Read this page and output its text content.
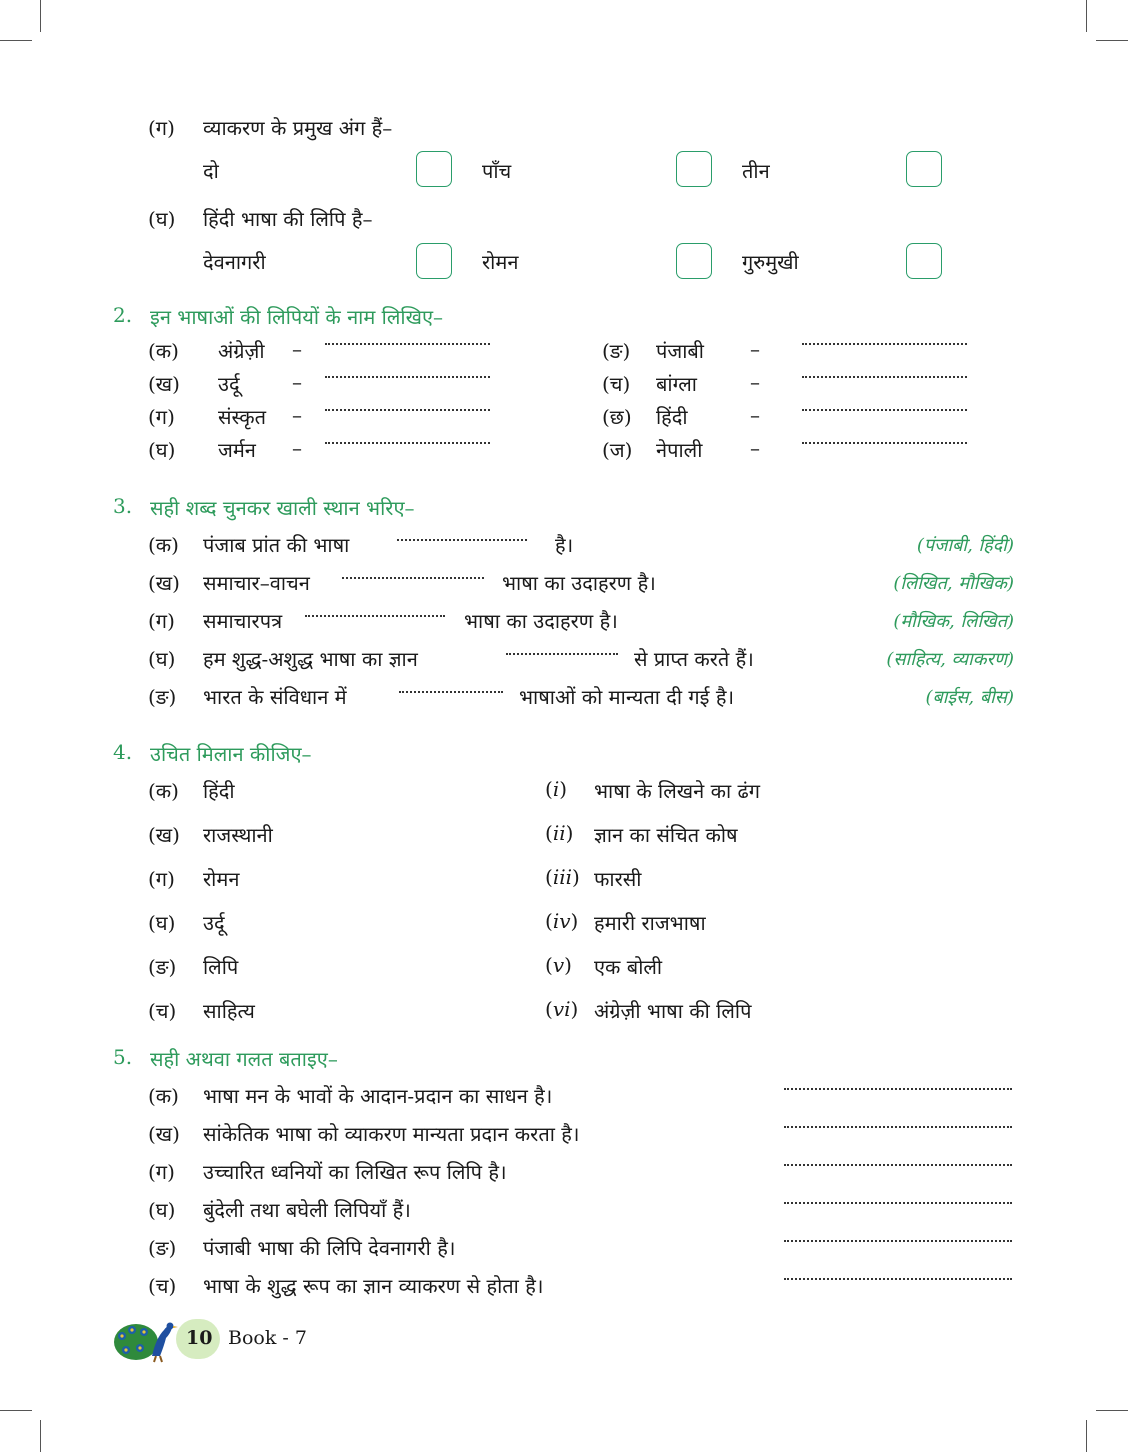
(ग) व्याकरण के प्रमुख अंग हैं–
दो	पाँच	तीन
(घ) हिंदी भाषा की लिपि है–
देवनागरी	रोमन	गुरुमुखी
2. इन भाषाओं की लिपियों के नाम लिखिए–
(क) अंग्रेज़ी –
(ख) उर्दू	–
(ग) संस्कृत –
(घ) जर्मन –
(ङ) पंजाबी –
(च) बांग्ला	–
(छ) हिंदी	–
(ज) नेपाली –
3. सही शब्द चुनकर खाली स्थान भरिए–
(क) पंजाब प्रांत की भाषा	है।	(पंजाबी, हिंदी)
(ख) समाचार–वाचन	भाषा का उदाहरण है।	(लिखित, मौखिक)
(ग) समाचारपत्र	भाषा का उदाहरण है।	(मौखिक, लिखित)
(घ) हम शुद्ध-अशुद्ध भाषा का ज्ञान	से प्राप्त करते हैं।	(साहित्य, व्याकरण)
(ङ) भारत के संविधान में	भाषाओं को मान्यता दी गई है।	(बाईस, बीस)
4. उचित मिलान कीजिए–
(क) हिंदी	(i) भाषा के लिखने का ढंग
(ख) राजस्थानी	(ii) ज्ञान का संचित कोष
(ग) रोमन	(iii) फारसी
(घ) उर्दू	(iv) हमारी राजभाषा
(ङ) लिपि	(v) एक बोली
(च) साहित्य	(vi) अंग्रेज़ी भाषा की लिपि
5. सही अथवा गलत बताइए–
(क) भाषा मन के भावों के आदान-प्रदान का साधन है।
(ख) सांकेतिक भाषा को व्याकरण मान्यता प्रदान करता है।
(ग) उच्चारित ध्वनियों का लिखित रूप लिपि है।
(घ) बुंदेली तथा बघेली लिपियाँ हैं।
(ङ) पंजाबी भाषा की लिपि देवनागरी है।
(च) भाषा के शुद्ध रूप का ज्ञान व्याकरण से होता है।
10 Book - 7
